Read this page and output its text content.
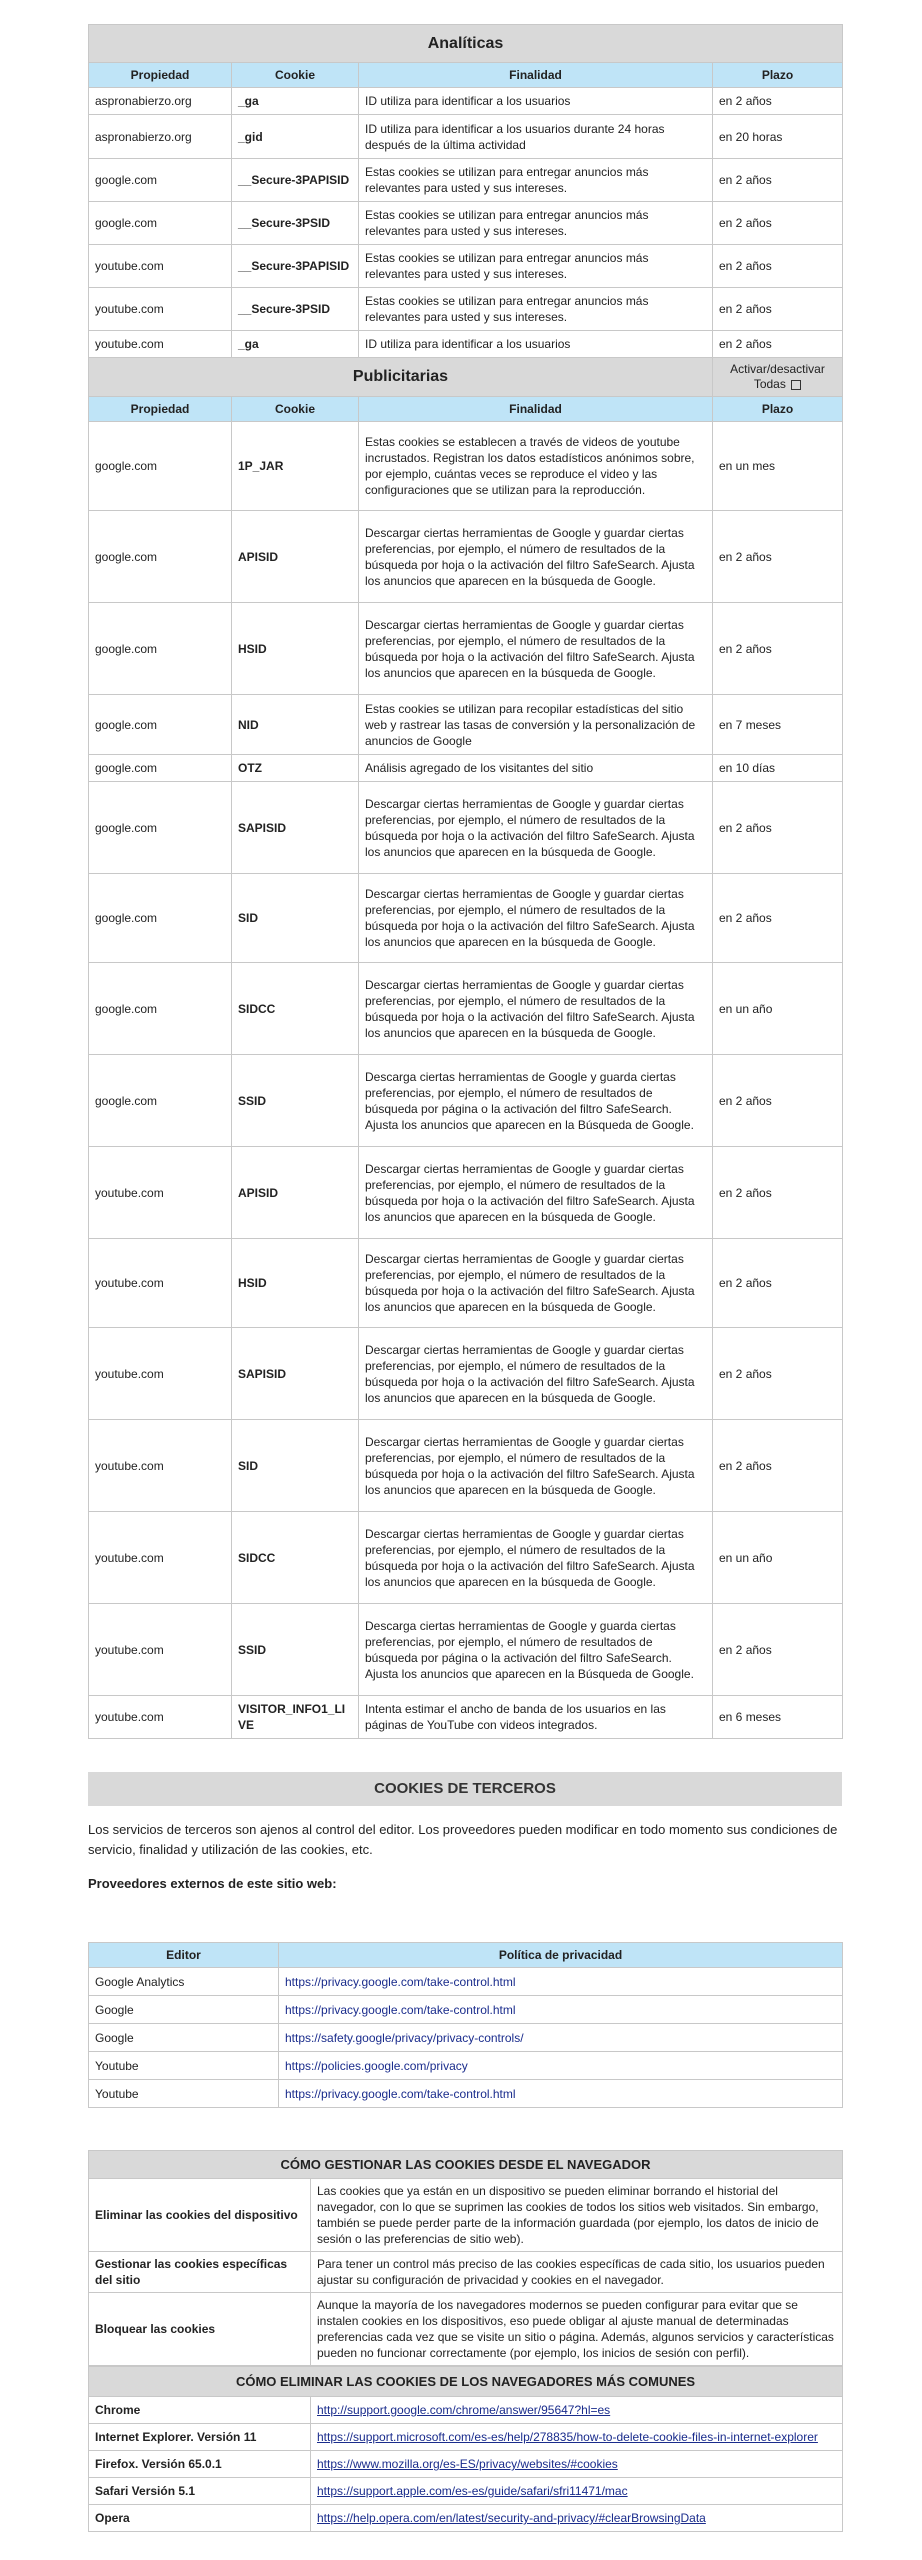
Analíticas			
Propiedad	Cookie	Finalidad	Plazo
aspronabierzo.org	_ga	ID utiliza para identificar a los usuarios	en 2 años
aspronabierzo.org	_gid	ID utiliza para identificar a los usuarios durante 24 horas después de la última actividad	en 20 horas
google.com	__Secure-3PAPISID	Estas cookies se utilizan para entregar anuncios más relevantes para usted y sus intereses.	en 2 años
google.com	__Secure-3PSID	Estas cookies se utilizan para entregar anuncios más relevantes para usted y sus intereses.	en 2 años
youtube.com	__Secure-3PAPISID	Estas cookies se utilizan para entregar anuncios más relevantes para usted y sus intereses.	en 2 años
youtube.com	__Secure-3PSID	Estas cookies se utilizan para entregar anuncios más relevantes para usted y sus intereses.	en 2 años
youtube.com	_ga	ID utiliza para identificar a los usuarios	en 2 años
Publicitarias			Activar/desactivar Todas
Propiedad	Cookie	Finalidad	Plazo
google.com	1P_JAR	Estas cookies se establecen a través de videos de youtube incrustados. Registran los datos estadísticos anónimos sobre, por ejemplo, cuántas veces se reproduce el video y las configuraciones que se utilizan para la reproducción.	en un mes
google.com	APISID	Descargar ciertas herramientas de Google y guardar ciertas preferencias, por ejemplo, el número de resultados de la búsqueda por hoja o la activación del filtro SafeSearch. Ajusta los anuncios que aparecen en la búsqueda de Google.	en 2 años
google.com	HSID	Descargar ciertas herramientas de Google y guardar ciertas preferencias, por ejemplo, el número de resultados de la búsqueda por hoja o la activación del filtro SafeSearch. Ajusta los anuncios que aparecen en la búsqueda de Google.	en 2 años
google.com	NID	Estas cookies se utilizan para recopilar estadísticas del sitio web y rastrear las tasas de conversión y la personalización de anuncios de Google	en 7 meses
google.com	OTZ	Análisis agregado de los visitantes del sitio	en 10 días
google.com	SAPISID	Descargar ciertas herramientas de Google y guardar ciertas preferencias, por ejemplo, el número de resultados de la búsqueda por hoja o la activación del filtro SafeSearch. Ajusta los anuncios que aparecen en la búsqueda de Google.	en 2 años
google.com	SID	Descargar ciertas herramientas de Google y guardar ciertas preferencias, por ejemplo, el número de resultados de la búsqueda por hoja o la activación del filtro SafeSearch. Ajusta los anuncios que aparecen en la búsqueda de Google.	en 2 años
google.com	SIDCC	Descargar ciertas herramientas de Google y guardar ciertas preferencias, por ejemplo, el número de resultados de la búsqueda por hoja o la activación del filtro SafeSearch. Ajusta los anuncios que aparecen en la búsqueda de Google.	en un año
google.com	SSID	Descarga ciertas herramientas de Google y guarda ciertas preferencias, por ejemplo, el número de resultados de búsqueda por página o la activación del filtro SafeSearch. Ajusta los anuncios que aparecen en la Búsqueda de Google.	en 2 años
youtube.com	APISID	Descargar ciertas herramientas de Google y guardar ciertas preferencias, por ejemplo, el número de resultados de la búsqueda por hoja o la activación del filtro SafeSearch. Ajusta los anuncios que aparecen en la búsqueda de Google.	en 2 años
youtube.com	HSID	Descargar ciertas herramientas de Google y guardar ciertas preferencias, por ejemplo, el número de resultados de la búsqueda por hoja o la activación del filtro SafeSearch. Ajusta los anuncios que aparecen en la búsqueda de Google.	en 2 años
youtube.com	SAPISID	Descargar ciertas herramientas de Google y guardar ciertas preferencias, por ejemplo, el número de resultados de la búsqueda por hoja o la activación del filtro SafeSearch. Ajusta los anuncios que aparecen en la búsqueda de Google.	en 2 años
youtube.com	SID	Descargar ciertas herramientas de Google y guardar ciertas preferencias, por ejemplo, el número de resultados de la búsqueda por hoja o la activación del filtro SafeSearch. Ajusta los anuncios que aparecen en la búsqueda de Google.	en 2 años
youtube.com	SIDCC	Descargar ciertas herramientas de Google y guardar ciertas preferencias, por ejemplo, el número de resultados de la búsqueda por hoja o la activación del filtro SafeSearch. Ajusta los anuncios que aparecen en la búsqueda de Google.	en un año
youtube.com	SSID	Descarga ciertas herramientas de Google y guarda ciertas preferencias, por ejemplo, el número de resultados de búsqueda por página o la activación del filtro SafeSearch. Ajusta los anuncios que aparecen en la Búsqueda de Google.	en 2 años
youtube.com	VISITOR_INFO1_LIVE	Intenta estimar el ancho de banda de los usuarios en las páginas de YouTube con videos integrados.	en 6 meses
COOKIES DE TERCEROS

Los servicios de terceros son ajenos al control del editor. Los proveedores pueden modificar en todo momento sus condiciones de servicio, finalidad y utilización de las cookies, etc.

Proveedores externos de este sitio web:

Editor	Política de privacidad
Google Analytics	https://privacy.google.com/take-control.html
Google	https://privacy.google.com/take-control.html
Google	https://safety.google/privacy/privacy-controls/
Youtube	https://policies.google.com/privacy
Youtube	https://privacy.google.com/take-control.html
CÓMO GESTIONAR LAS COOKIES DESDE EL NAVEGADOR	
Eliminar las cookies del dispositivo	Las cookies que ya están en un dispositivo se pueden eliminar borrando el historial del navegador, con lo que se suprimen las cookies de todos los sitios web visitados. Sin embargo, también se puede perder parte de la información guardada (por ejemplo, los datos de inicio de sesión o las preferencias de sitio web).
Gestionar las cookies específicas del sitio	Para tener un control más preciso de las cookies específicas de cada sitio, los usuarios pueden ajustar su configuración de privacidad y cookies en el navegador.
Bloquear las cookies	Aunque la mayoría de los navegadores modernos se pueden configurar para evitar que se instalen cookies en los dispositivos, eso puede obligar al ajuste manual de determinadas preferencias cada vez que se visite un sitio o página. Además, algunos servicios y características pueden no funcionar correctamente (por ejemplo, los inicios de sesión con perfil).
CÓMO ELIMINAR LAS COOKIES DE LOS NAVEGADORES MÁS COMUNES	
Chrome	http://support.google.com/chrome/answer/95647?hl=es
Internet Explorer. Versión 11	https://support.microsoft.com/es-es/help/278835/how-to-delete-cookie-files-in-internet-explorer
Firefox. Versión 65.0.1	https://www.mozilla.org/es-ES/privacy/websites/#cookies
Safari Versión 5.1	https://support.apple.com/es-es/guide/safari/sfri11471/mac
Opera	https://help.opera.com/en/latest/security-and-privacy/#clearBrowsingData
